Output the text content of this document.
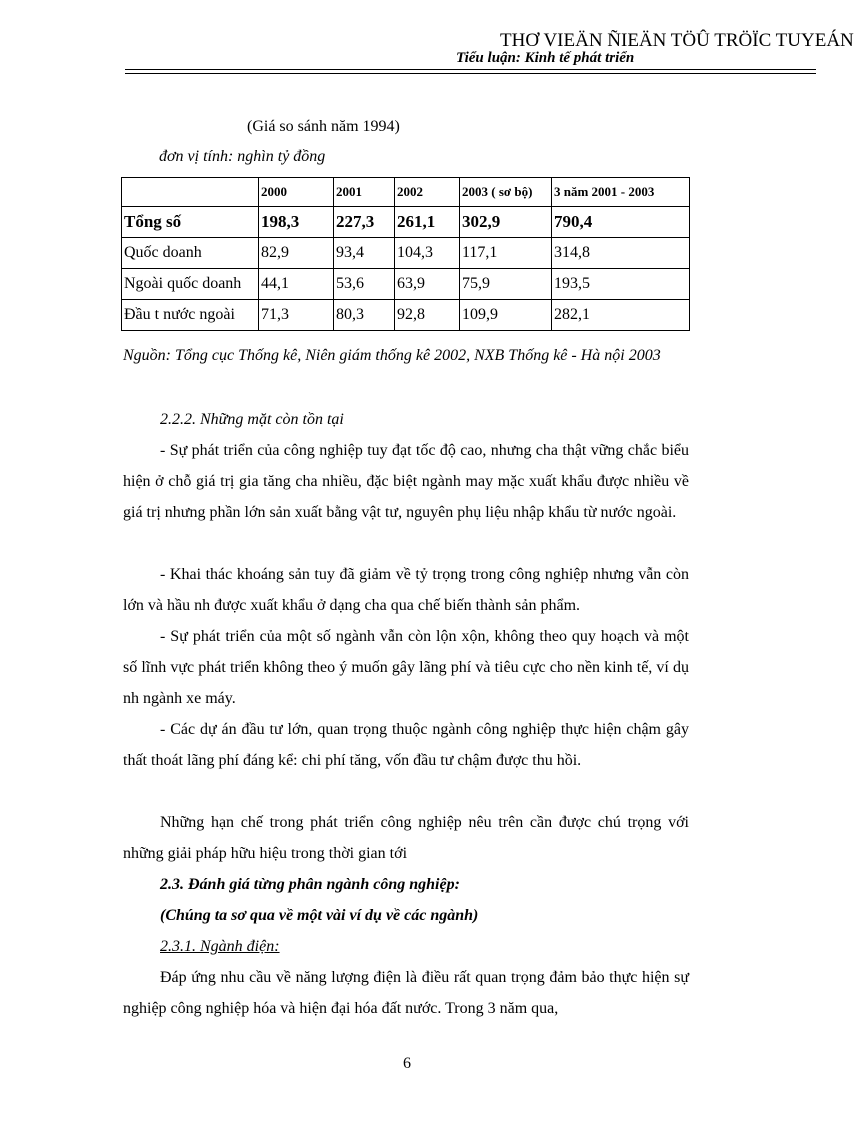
THƠ VIEÄN ÑIEÄN TÖÛ TRÖÏC TUYEÁN
Tiểu luận: Kinh tế phát triển
(Giá so sánh năm 1994)
đơn vị tính: nghìn tỷ đồng
	2000	2001	2002	2003 ( sơ bộ)	3 năm 2001 - 2003
Tổng số	198,3	227,3	261,1	302,9	790,4
Quốc doanh	82,9	93,4	104,3	117,1	314,8
Ngoài quốc doanh	44,1	53,6	63,9	75,9	193,5
Đầu t nước ngoài	71,3	80,3	92,8	109,9	282,1
Nguồn: Tổng cục Thống kê, Niên giám thống kê 2002, NXB Thống kê - Hà nội 2003
2.2.2. Những mặt còn tồn tại
- Sự phát triển của công nghiệp tuy đạt tốc độ cao, nhưng cha thật vững chắc biểu hiện ở chỗ giá trị gia tăng cha nhiều, đặc biệt ngành may mặc xuất khẩu được nhiều về giá trị nhưng phần lớn sản xuất bằng vật tư, nguyên phụ liệu nhập khẩu từ nước ngoài.
- Khai thác khoáng sản tuy đã giảm về tỷ trọng trong công nghiệp nhưng vẫn còn lớn và hầu nh được xuất khẩu ở dạng cha qua chế biến thành sản phẩm.
- Sự phát triển của một số ngành vẫn còn lộn xộn, không theo quy hoạch và một số lĩnh vực phát triển không theo ý muốn gây lãng phí và tiêu cực cho nền kinh tế, ví dụ nh ngành xe máy.
- Các dự án đầu tư lớn, quan trọng thuộc ngành công nghiệp thực hiện chậm gây thất thoát lãng phí đáng kể: chi phí tăng, vốn đầu tư chậm được thu hồi.
Những hạn chế trong phát triển công nghiệp nêu trên cần được chú trọng với những giải pháp hữu hiệu trong thời gian tới
2.3. Đánh giá từng phân ngành công nghiệp:
(Chúng ta sơ qua về một vài ví dụ về các ngành)
2.3.1. Ngành điện:
Đáp ứng nhu cầu về năng lượng điện là điều rất quan trọng đảm bảo thực hiện sự nghiệp công nghiệp hóa và hiện đại hóa đất nước. Trong 3 năm qua,
6
